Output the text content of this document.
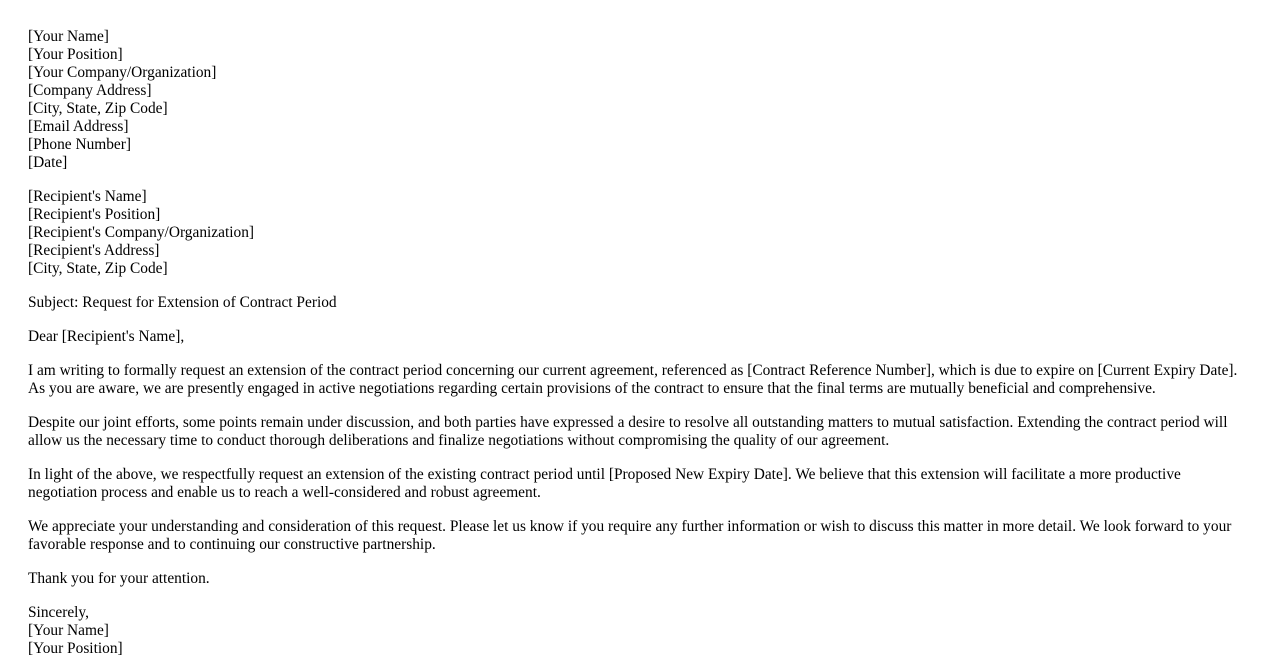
[Your Name]
[Your Position]
[Your Company/Organization]
[Company Address]
[City, State, Zip Code]
[Email Address]
[Phone Number]
[Date]
[Recipient's Name]
[Recipient's Position]
[Recipient's Company/Organization]
[Recipient's Address]
[City, State, Zip Code]

Subject: Request for Extension of Contract Period

Dear [Recipient's Name],

I am writing to formally request an extension of the contract period concerning our current agreement, referenced as [Contract Reference Number], which is due to expire on [Current Expiry Date]. As you are aware, we are presently engaged in active negotiations regarding certain provisions of the contract to ensure that the final terms are mutually beneficial and comprehensive.

Despite our joint efforts, some points remain under discussion, and both parties have expressed a desire to resolve all outstanding matters to mutual satisfaction. Extending the contract period will allow us the necessary time to conduct thorough deliberations and finalize negotiations without compromising the quality of our agreement.

In light of the above, we respectfully request an extension of the existing contract period until [Proposed New Expiry Date]. We believe that this extension will facilitate a more productive negotiation process and enable us to reach a well-considered and robust agreement.

We appreciate your understanding and consideration of this request. Please let us know if you require any further information or wish to discuss this matter in more detail. We look forward to your favorable response and to continuing our constructive partnership.

Thank you for your attention.

Sincerely,
[Your Name]
[Your Position]
